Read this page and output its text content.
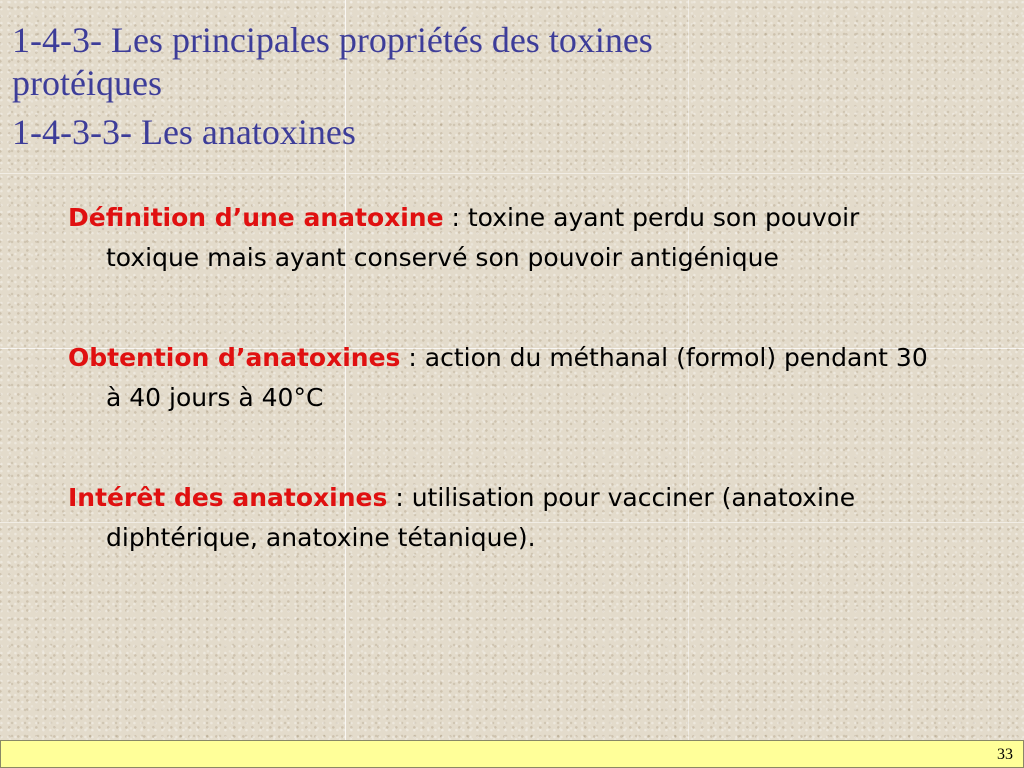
1-4-3- Les principales propriétés des toxines
protéiques
1-4-3-3- Les anatoxines
Définition d’une anatoxine : toxine ayant perdu son pouvoir toxique mais ayant conservé son pouvoir antigénique
Obtention d’anatoxines : action du méthanal (formol) pendant 30 à 40 jours à 40°C
Intérêt des anatoxines : utilisation pour vacciner (anatoxine diphtérique, anatoxine tétanique).
33
